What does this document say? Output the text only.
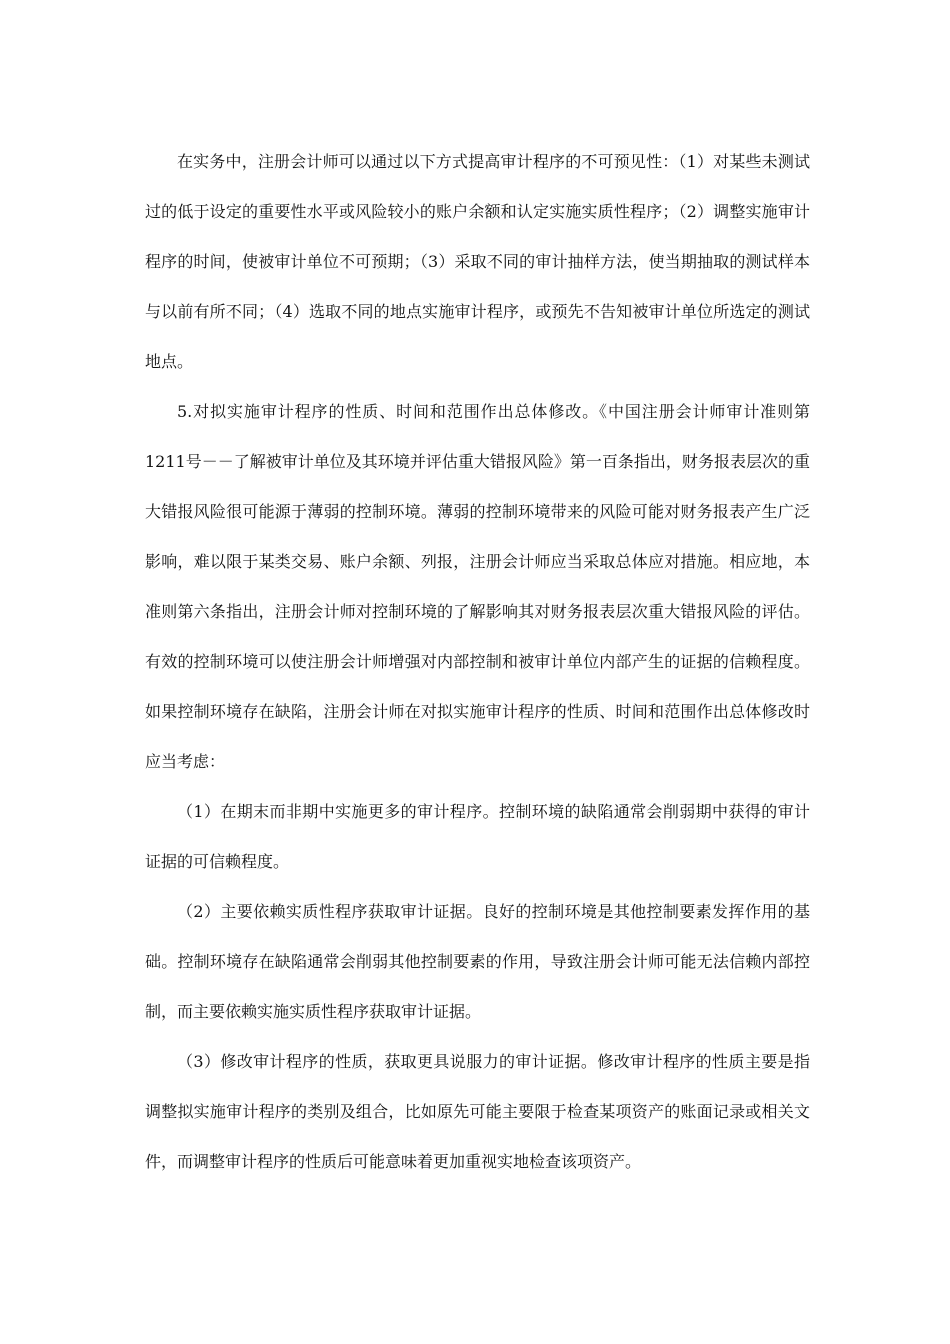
在实务中，注册会计师可以通过以下方式提高审计程序的不可预见性：（1）对某些未测试过的低于设定的重要性水平或风险较小的账户余额和认定实施实质性程序；（2）调整实施审计程序的时间，使被审计单位不可预期；（3）采取不同的审计抽样方法，使当期抽取的测试样本与以前有所不同；（4）选取不同的地点实施审计程序，或预先不告知被审计单位所选定的测试地点。

5.对拟实施审计程序的性质、时间和范围作出总体修改。《中国注册会计师审计准则第1211号－－了解被审计单位及其环境并评估重大错报风险》第一百条指出，财务报表层次的重大错报风险很可能源于薄弱的控制环境。薄弱的控制环境带来的风险可能对财务报表产生广泛影响，难以限于某类交易、账户余额、列报，注册会计师应当采取总体应对措施。相应地，本准则第六条指出，注册会计师对控制环境的了解影响其对财务报表层次重大错报风险的评估。有效的控制环境可以使注册会计师增强对内部控制和被审计单位内部产生的证据的信赖程度。如果控制环境存在缺陷，注册会计师在对拟实施审计程序的性质、时间和范围作出总体修改时应当考虑：

（1）在期末而非期中实施更多的审计程序。控制环境的缺陷通常会削弱期中获得的审计证据的可信赖程度。

（2）主要依赖实质性程序获取审计证据。良好的控制环境是其他控制要素发挥作用的基础。控制环境存在缺陷通常会削弱其他控制要素的作用，导致注册会计师可能无法信赖内部控制，而主要依赖实施实质性程序获取审计证据。

（3）修改审计程序的性质，获取更具说服力的审计证据。修改审计程序的性质主要是指调整拟实施审计程序的类别及组合，比如原先可能主要限于检查某项资产的账面记录或相关文件，而调整审计程序的性质后可能意味着更加重视实地检查该项资产。
